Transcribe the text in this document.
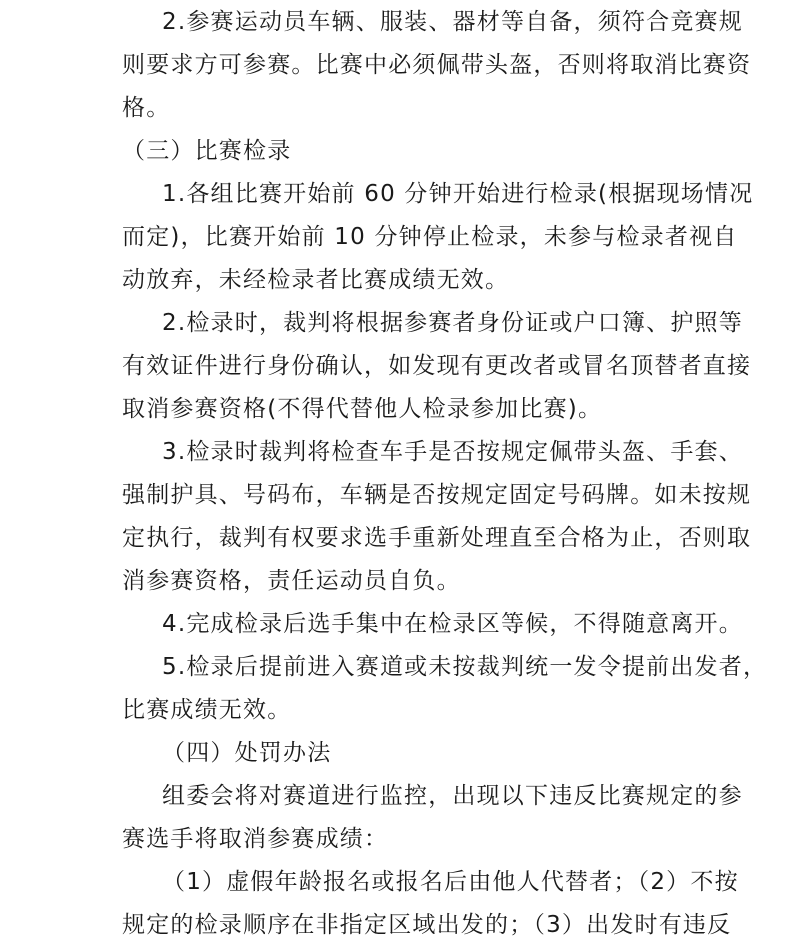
2.参赛运动员车辆、服装、器材等自备，须符合竞赛规
则要求方可参赛。比赛中必须佩带头盔，否则将取消比赛资
格。
（三）比赛检录
1.各组比赛开始前 60 分钟开始进行检录(根据现场情况
而定)，比赛开始前 10 分钟停止检录，未参与检录者视自
动放弃，未经检录者比赛成绩无效。
2.检录时，裁判将根据参赛者身份证或户口簿、护照等
有效证件进行身份确认，如发现有更改者或冒名顶替者直接
取消参赛资格(不得代替他人检录参加比赛)。
3.检录时裁判将检查车手是否按规定佩带头盔、手套、
强制护具、号码布，车辆是否按规定固定号码牌。如未按规
定执行，裁判有权要求选手重新处理直至合格为止，否则取
消参赛资格，责任运动员自负。
4.完成检录后选手集中在检录区等候，不得随意离开。
5.检录后提前进入赛道或未按裁判统一发令提前出发者，
比赛成绩无效。
（四）处罚办法
组委会将对赛道进行监控，出现以下违反比赛规定的参
赛选手将取消参赛成绩：
（1）虚假年龄报名或报名后由他人代替者；（2）不按
规定的检录顺序在非指定区域出发的；（3）出发时有违反
